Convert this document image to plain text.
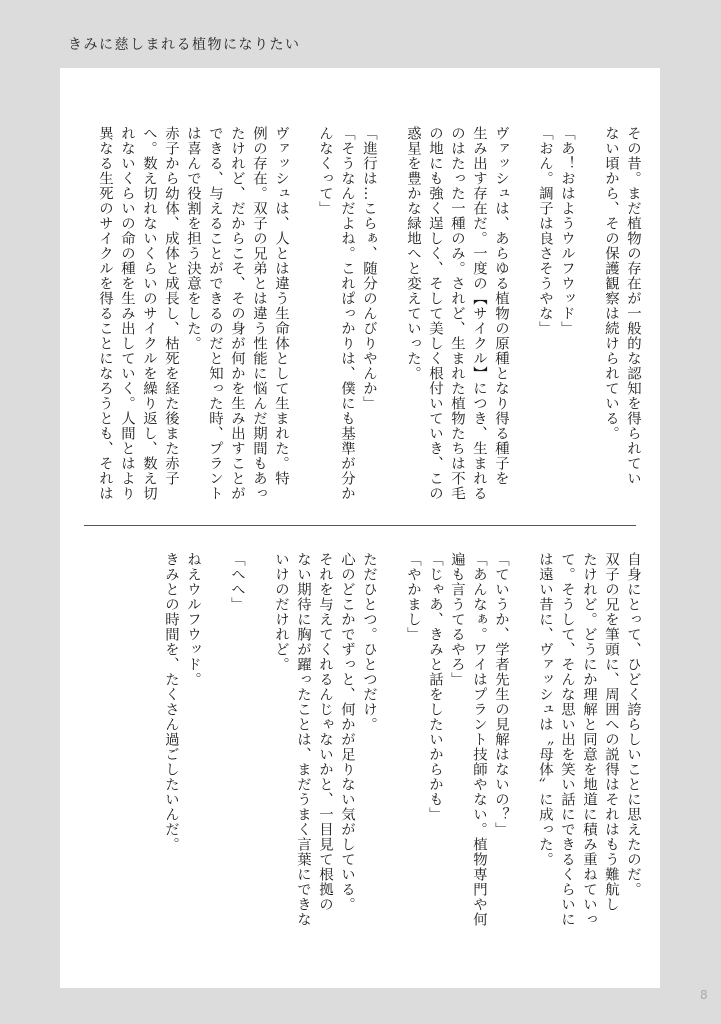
きみに慈しまれる植物になりたい
その昔。まだ植物の存在が一般的な認知を得られてい
ない頃から、その保護観察は続けられている。

「あ！おはようウルフウッド」
「おん。調子は良さそうやな」

ヴァッシュは、あらゆる植物の原種となり得る種子を
生み出す存在だ。一度の【サイクル】につき、生まれる
のはたった一種のみ。されど、生まれた植物たちは不毛
の地にも強く逞しく、そして美しく根付いていき、この
惑星を豊かな緑地へと変えていった。

「進行は…こらぁ、随分のんびりやんか」
「そうなんだよね。これぱっかりは、僕にも基準が分か
んなくって」

ヴァッシュは、人とは違う生命体として生まれた。特
例の存在。双子の兄弟とは違う性能に悩んだ期間もあっ
たけれど、だからこそ、その身が何かを生み出すことが
できる、与えることができるのだと知った時、プラント
は喜んで役割を担う決意をした。
赤子から幼体、成体と成長し、枯死を経た後また赤子
へ。数え切れないくらいのサイクルを繰り返し、数え切
れないくらいの命の種を生み出していく。人間とはより
異なる生死のサイクルを得ることになろうとも、それは
自身にとって、ひどく誇らしいことに思えたのだ。
双子の兄を筆頭に、周囲への説得はそれはもう難航し
たけれど。どうにか理解と同意を地道に積み重ねていっ
て。そうして、そんな思い出を笑い話にできるくらいに
は遠い昔に、ヴァッシュは〝母体〟に成った。

「ていうか、学者先生の見解はないの？」
「あんなぁ。ワイはプラント技師やない。植物専門や何
遍も言うてるやろ」
「じゃあ、きみと話をしたいからかも」
「やかまし」

ただひとつ。ひとつだけ。
心のどこかでずっと、何かが足りない気がしている。
それを与えてくれるんじゃないかと、一目見て根拠の
ない期待に胸が躍ったことは、まだうまく言葉にできな
いけのだけれど。

「へへ」

ねえウルフウッド。
きみとの時間を、たくさん過ごしたいんだ。
8
